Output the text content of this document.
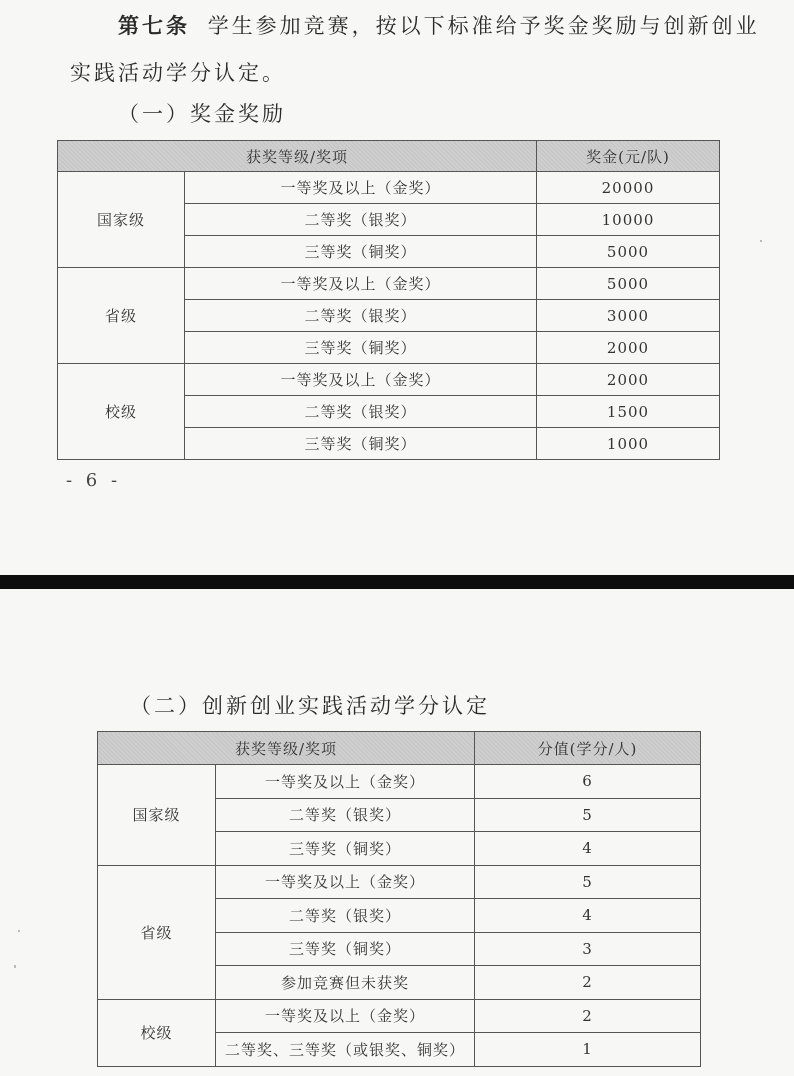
第七条 学生参加竞赛，按以下标准给予奖金奖励与创新创业
实践活动学分认定。
（一）奖金奖励
获奖等级/奖项		奖金(元/队)
国家级	一等奖及以上（金奖）	20000
	二等奖（银奖）	10000
	三等奖（铜奖）	5000
省级	一等奖及以上（金奖）	5000
	二等奖（银奖）	3000
	三等奖（铜奖）	2000
校级	一等奖及以上（金奖）	2000
	二等奖（银奖）	1500
	三等奖（铜奖）	1000
- 6 -
（二）创新创业实践活动学分认定
获奖等级/奖项		分值(学分/人)
国家级	一等奖及以上（金奖）	6
	二等奖（银奖）	5
	三等奖（铜奖）	4
省级	一等奖及以上（金奖）	5
	二等奖（银奖）	4
	三等奖（铜奖）	3
	参加竞赛但未获奖	2
校级	一等奖及以上（金奖）	2
	二等奖、三等奖（或银奖、铜奖）	1
